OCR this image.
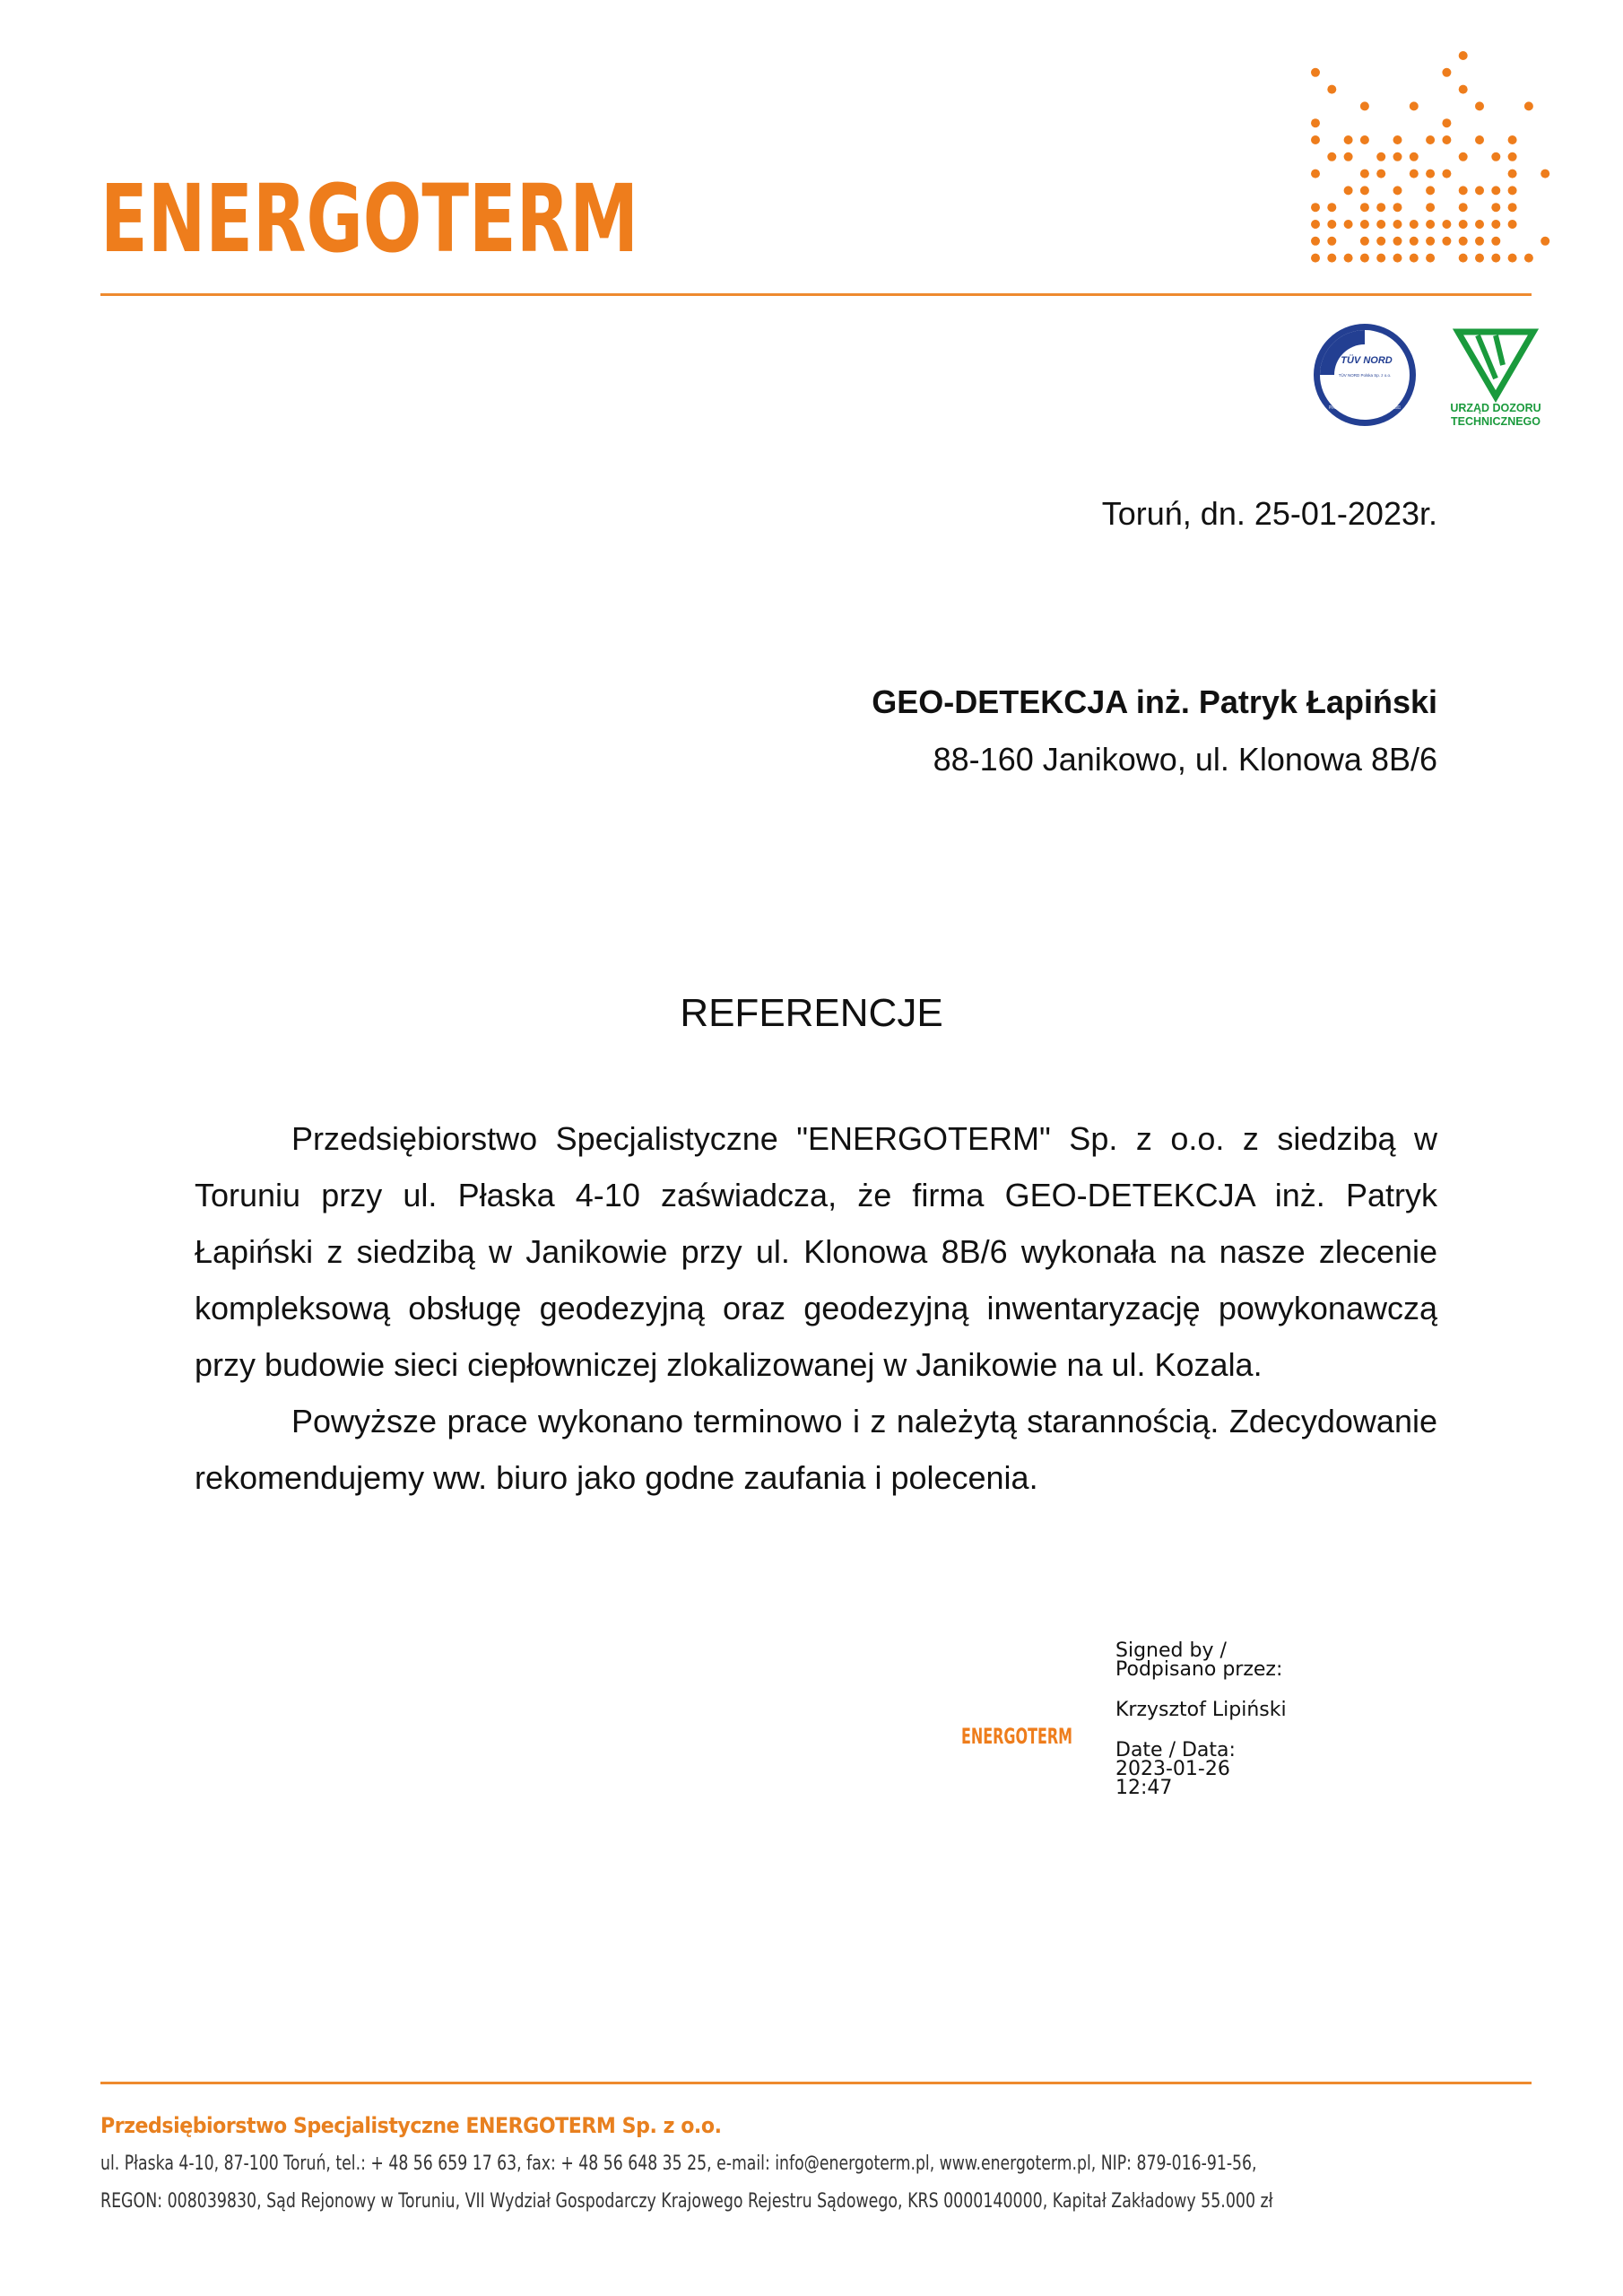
ENERGOTERM
TÜV NORD
TÜV NORD Polska Sp. z o.o.
PN-EN ISO 9001 PN-EN ISO 14001 PN-ISO 45001	URZĄD DOZORU
TECHNICZNEGO
Toruń, dn. 25-01-2023r.
GEO-DETEKCJA inż. Patryk Łapiński
88-160 Janikowo, ul. Klonowa 8B/6
REFERENCJE

Przedsiębiorstwo Specjalistyczne "ENERGOTERM" Sp. z o.o. z siedzibą w Toruniu przy ul. Płaska 4-10 zaświadcza, że firma GEO-DETEKCJA inż. Patryk Łapiński z siedzibą w Janikowie przy ul. Klonowa 8B/6 wykonała na nasze zlecenie kompleksową obsługę geodezyjną oraz geodezyjną inwentaryzację powykonawczą przy budowie sieci ciepłowniczej zlokalizowanej w Janikowie na ul. Kozala.

Powyższe prace wykonano terminowo i z należytą starannością. Zdecydowanie rekomendujemy ww. biuro jako godne zaufania i polecenia.

ENERGOTERM
Signed by /
Podpisano przez:
Krzysztof Lipiński
Date / Data:
2023-01-26
12:47
Przedsiębiorstwo Specjalistyczne ENERGOTERM Sp. z o.o.
ul. Płaska 4-10, 87-100 Toruń, tel.: + 48 56 659 17 63, fax: + 48 56 648 35 25, e-mail: info@energoterm.pl, www.energoterm.pl, NIP: 879-016-91-56,
REGON: 008039830, Sąd Rejonowy w Toruniu, VII Wydział Gospodarczy Krajowego Rejestru Sądowego, KRS 0000140000, Kapitał Zakładowy 55.000 zł
